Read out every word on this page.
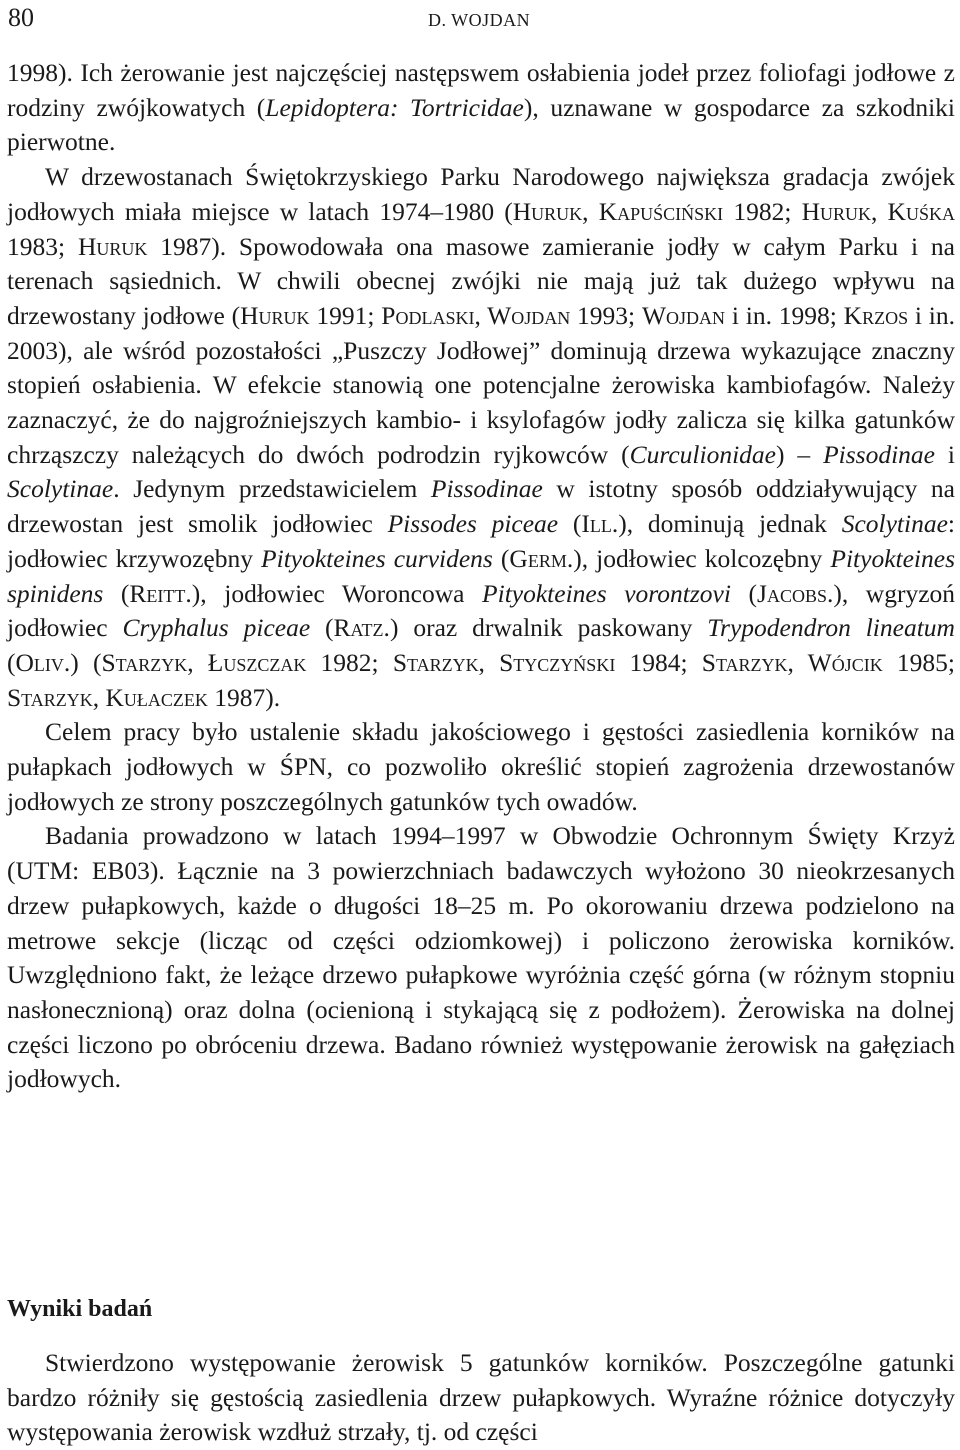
80	D. WOJDAN

1998). Ich żerowanie jest najczęściej następswem osłabienia jodeł przez foliofagi jodłowe z rodziny zwójkowatych (Lepidoptera: Tortricidae), uznawane w gospodarce za szkodniki pierwotne.

W drzewostanach Świętokrzyskiego Parku Narodowego największa gradacja zwójek jodłowych miała miejsce w latach 1974–1980 (Huruk, Kapuściński 1982; Huruk, Kuśka 1983; Huruk 1987). Spowodowała ona masowe zamieranie jodły w całym Parku i na terenach sąsiednich. W chwili obecnej zwójki nie mają już tak dużego wpływu na drzewostany jodłowe (Huruk 1991; Podlaski, Wojdan 1993; Wojdan i in. 1998; Krzos i in. 2003), ale wśród pozostałości „Puszczy Jodłowej” dominują drzewa wykazujące znaczny stopień osłabienia. W efekcie stanowią one potencjalne żerowiska kambiofagów. Należy zaznaczyć, że do najgroźniejszych kambio- i ksylofagów jodły zalicza się kilka gatunków chrząszczy należących do dwóch podrodzin ryjkowców (Curculionidae) – Pissodinae i Scolytinae. Jedynym przedstawicielem Pissodinae w istotny sposób oddziaływujący na drzewostan jest smolik jodłowiec Pissodes piceae (Ill.), dominują jednak Scolytinae: jodłowiec krzywozębny Pityokteines curvidens (Germ.), jodłowiec kolcozębny Pityokteines spinidens (Reitt.), jodłowiec Woroncowa Pityokteines vorontzovi (Jacobs.), wgryzoń jodłowiec Cryphalus piceae (Ratz.) oraz drwalnik paskowany Trypodendron lineatum (Oliv.) (Starzyk, Łuszczak 1982; Starzyk, Styczyński 1984; Starzyk, Wójcik 1985; Starzyk, Kułaczek 1987).

Celem pracy było ustalenie składu jakościowego i gęstości zasiedlenia korników na pułapkach jodłowych w ŚPN, co pozwoliło określić stopień zagrożenia drzewostanów jodłowych ze strony poszczególnych gatunków tych owadów.

Badania prowadzono w latach 1994–1997 w Obwodzie Ochronnym Święty Krzyż (UTM: EB03). Łącznie na 3 powierzchniach badawczych wyłożono 30 nieokrzesanych drzew pułapkowych, każde o długości 18–25 m. Po okorowaniu drzewa podzielono na metrowe sekcje (licząc od części odziomkowej) i policzono żerowiska korników. Uwzględniono fakt, że leżące drzewo pułapkowe wyróżnia część górna (w różnym stopniu nasłonecznioną) oraz dolna (ocienioną i stykającą się z podłożem). Żerowiska na dolnej części liczono po obróceniu drzewa. Badano również występowanie żerowisk na gałęziach jodłowych.

Wyniki badań

Stwierdzono występowanie żerowisk 5 gatunków korników. Poszczególne gatunki bardzo różniły się gęstością zasiedlenia drzew pułapkowych. Wyraźne różnice dotyczyły występowania żerowisk wzdłuż strzały, tj. od części
